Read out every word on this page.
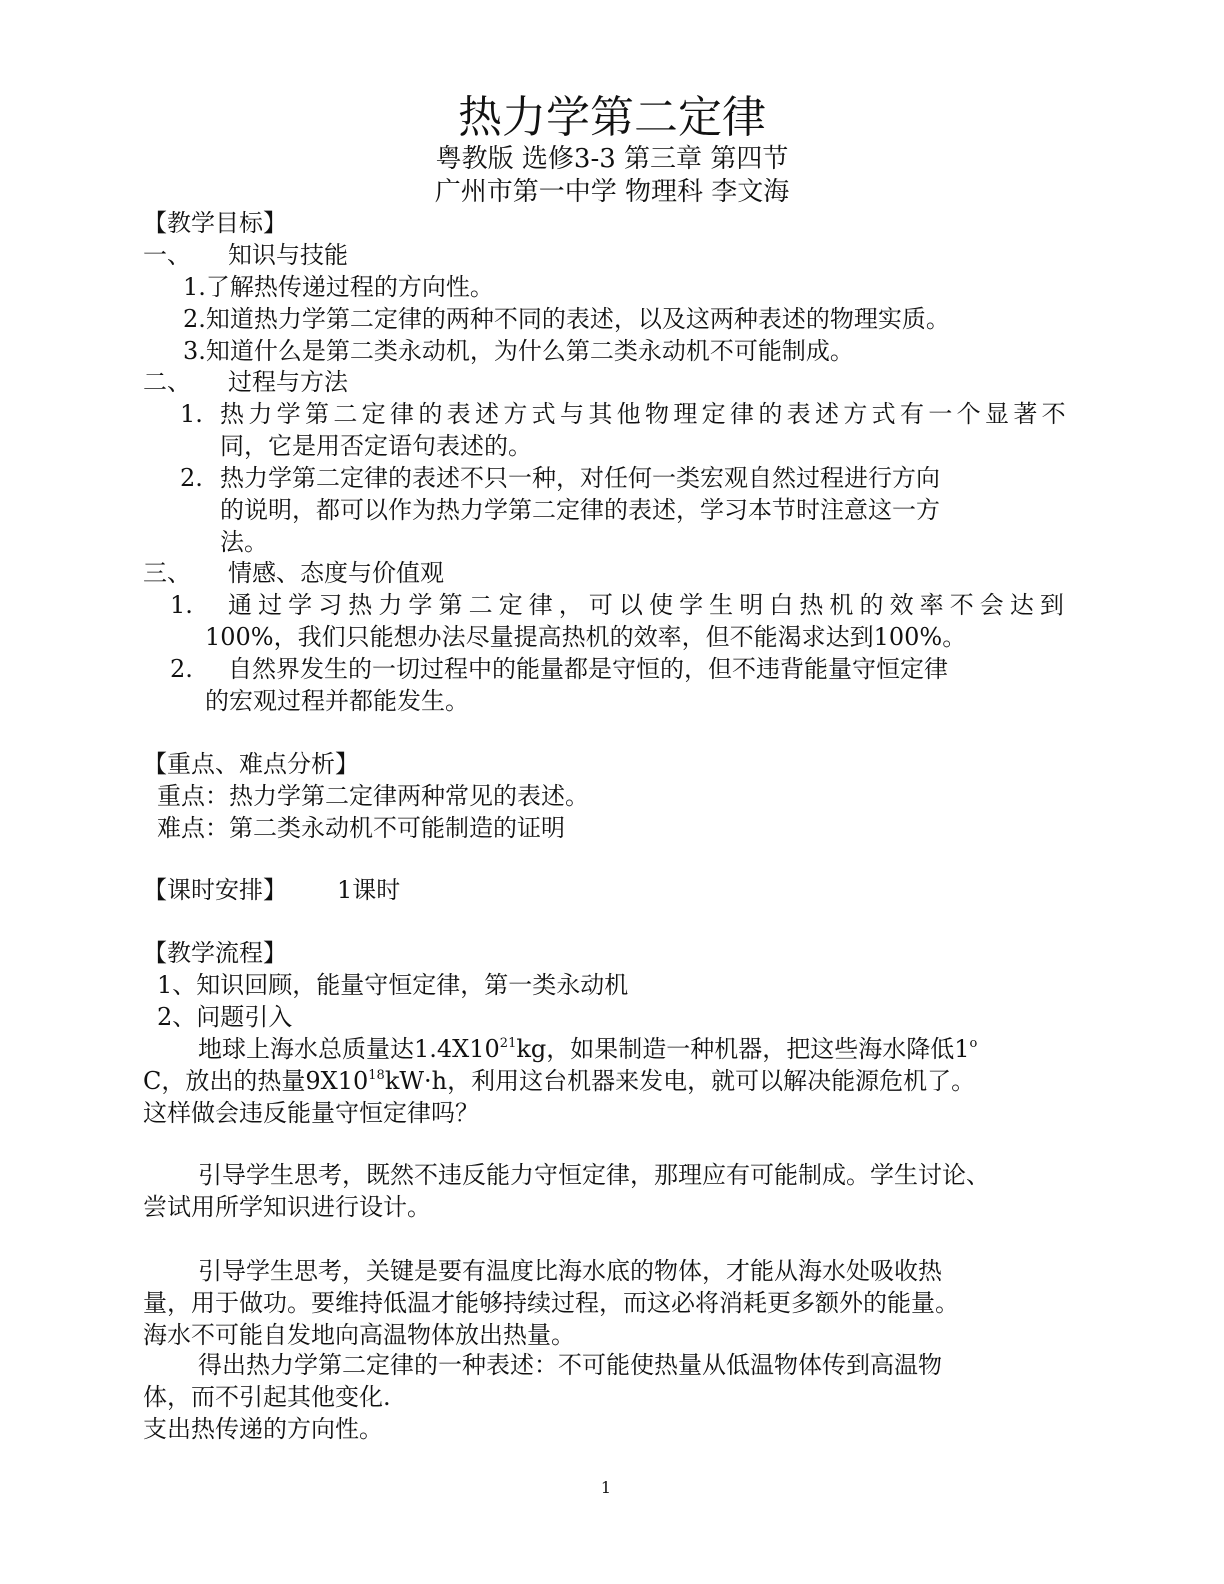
热力学第二定律
粤教版 选修3-3 第三章 第四节
广州市第一中学 物理科 李文海
【教学目标】
一、 知识与技能
1.了解热传递过程的方向性。
2.知道热力学第二定律的两种不同的表述，以及这两种表述的物理实质。
3.知道什么是第二类永动机，为什么第二类永动机不可能制成。
二、 过程与方法
1. 热力学第二定律的表述方式与其他物理定律的表述方式有一个显著不
同，它是用否定语句表述的。
2. 热力学第二定律的表述不只一种，对任何一类宏观自然过程进行方向
的说明，都可以作为热力学第二定律的表述，学习本节时注意这一方
法。
三、 情感、态度与价值观
1. 通过学习热力学第二定律，可以使学生明白热机的效率不会达到
100%，我们只能想办法尽量提高热机的效率，但不能渴求达到100%。
2. 自然界发生的一切过程中的能量都是守恒的，但不违背能量守恒定律
的宏观过程并都能发生。
【重点、难点分析】
重点：热力学第二定律两种常见的表述。
难点：第二类永动机不可能制造的证明
【课时安排】 1课时
【教学流程】
1、知识回顾，能量守恒定律，第一类永动机
2、问题引入
地球上海水总质量达$1.4X10^{21}kg$，如果制造一种机器，把这些海水降低1$^o$
C，放出的热量$9X10^{18}kW\cdot h$，利用这台机器来发电，就可以解决能源危机了。
这样做会违反能量守恒定律吗？
引导学生思考，既然不违反能力守恒定律，那理应有可能制成。学生讨论、
尝试用所学知识进行设计。
引导学生思考，关键是要有温度比海水底的物体，才能从海水处吸收热
量，用于做功。要维持低温才能够持续过程，而这必将消耗更多额外的能量。
海水不可能自发地向高温物体放出热量。
得出热力学第二定律的一种表述：不可能使热量从低温物体传到高温物
体，而不引起其他变化.
支出热传递的方向性。
1
